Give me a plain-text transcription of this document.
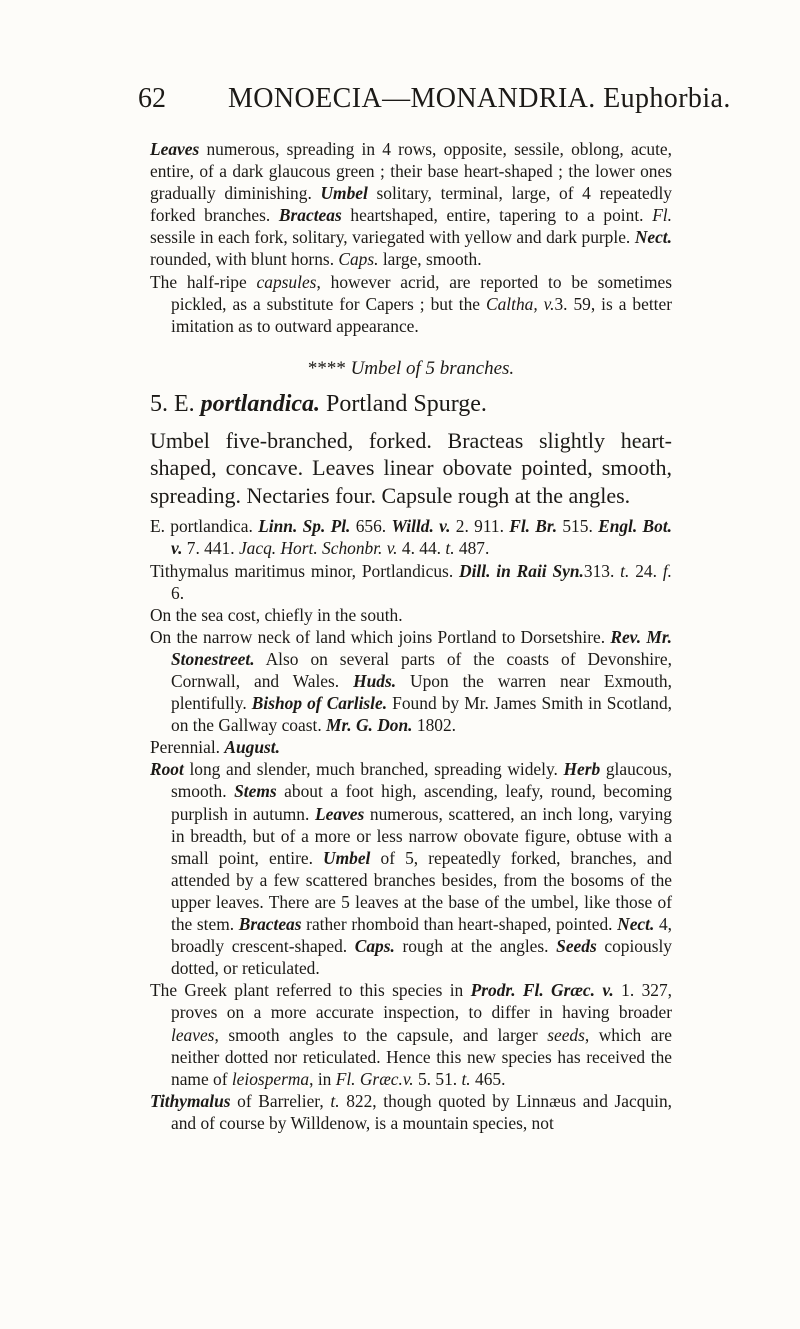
62 MONOECIA—MONANDRIA. Euphorbia.

Leaves numerous, spreading in 4 rows, opposite, sessile, oblong, acute, entire, of a dark glaucous green ; their base heart-shaped ; the lower ones gradually diminishing. Umbel solitary, terminal, large, of 4 repeatedly forked branches. Bracteas heartshaped, entire, tapering to a point. Fl. sessile in each fork, solitary, variegated with yellow and dark purple. Nect. rounded, with blunt horns. Caps. large, smooth.

The half-ripe capsules, however acrid, are reported to be sometimes pickled, as a substitute for Capers ; but the Caltha, v.3. 59, is a better imitation as to outward appearance.

**** Umbel of 5 branches.

5. E. portlandica. Portland Spurge.

Umbel five-branched, forked. Bracteas slightly heart-shaped, concave. Leaves linear obovate pointed, smooth, spreading. Nectaries four. Capsule rough at the angles.

E. portlandica. Linn. Sp. Pl. 656. Willd. v. 2. 911. Fl. Br. 515. Engl. Bot. v. 7. 441. Jacq. Hort. Schonbr. v. 4. 44. t. 487.

Tithymalus maritimus minor, Portlandicus. Dill. in Raii Syn.313. t. 24. f. 6.

On the sea cost, chiefly in the south.

On the narrow neck of land which joins Portland to Dorsetshire. Rev. Mr. Stonestreet. Also on several parts of the coasts of Devonshire, Cornwall, and Wales. Huds. Upon the warren near Exmouth, plentifully. Bishop of Carlisle. Found by Mr. James Smith in Scotland, on the Gallway coast. Mr. G. Don. 1802.

Perennial. August.

Root long and slender, much branched, spreading widely. Herb glaucous, smooth. Stems about a foot high, ascending, leafy, round, becoming purplish in autumn. Leaves numerous, scattered, an inch long, varying in breadth, but of a more or less narrow obovate figure, obtuse with a small point, entire. Umbel of 5, repeatedly forked, branches, and attended by a few scattered branches besides, from the bosoms of the upper leaves. There are 5 leaves at the base of the umbel, like those of the stem. Bracteas rather rhomboid than heart-shaped, pointed. Nect. 4, broadly crescent-shaped. Caps. rough at the angles. Seeds copiously dotted, or reticulated.

The Greek plant referred to this species in Prodr. Fl. Græc. v. 1. 327, proves on a more accurate inspection, to differ in having broader leaves, smooth angles to the capsule, and larger seeds, which are neither dotted nor reticulated. Hence this new species has received the name of leiosperma, in Fl. Græc.v. 5. 51. t. 465.

Tithymalus of Barrelier, t. 822, though quoted by Linnæus and Jacquin, and of course by Willdenow, is a mountain species, not
